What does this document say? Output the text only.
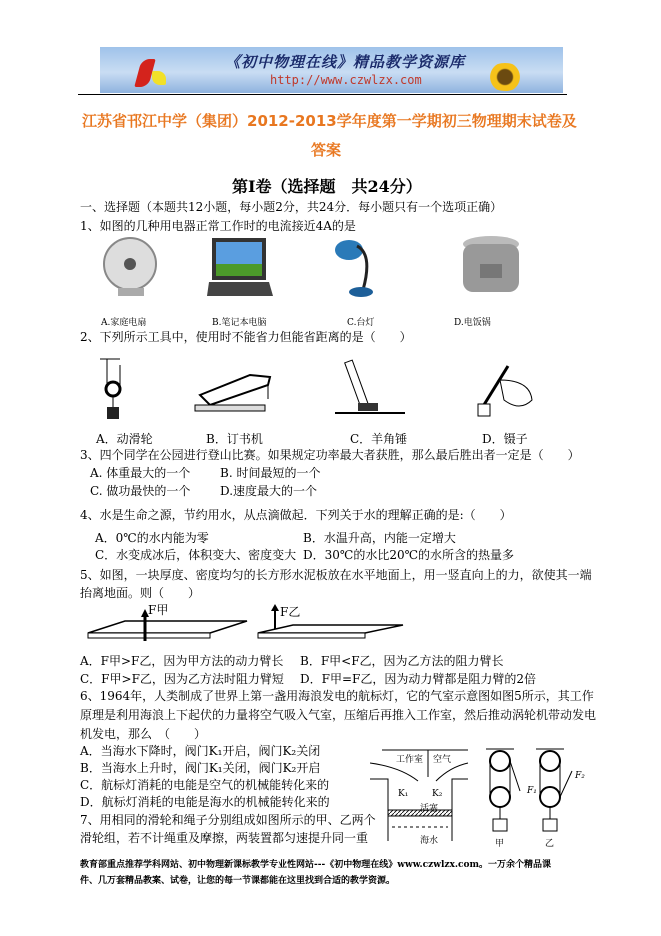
《初中物理在线》精品教学资源库
http://www.czwlzx.com
江苏省邗江中学（集团）2012-2013学年度第一学期初三物理期末试卷及
答案
第I卷（选择题　共24分）
一、选择题（本题共12小题，每小题2分，共24分．每小题只有一个选项正确）
1、如图的几种用电器正常工作时的电流接近4A的是
A.家庭电扇	B.笔记本电脑	C.台灯	D.电饭锅
2、下列所示工具中，使用时不能省力但能省距离的是（　　）
A．动滑轮	B．订书机	C．羊角锤	D．镊子
3、四个同学在公园进行登山比赛。如果规定功率最大者获胜，那么最后胜出者一定是（　　）
A. 体重最大的一个 B. 时间最短的一个
C. 做功最快的一个 D.速度最大的一个
4、水是生命之源，节约用水，从点滴做起．下列关于水的理解正确的是:（　　）
A．0℃的水内能为零	B．水温升高，内能一定增大
C．水变成冰后，体积变大、密度变大 D．30℃的水比20℃的水所含的热量多
5、如图，一块厚度、密度均匀的长方形水泥板放在水平地面上，用一竖直向上的力，欲使其一端
抬离地面。则（　　）
F甲	F乙
A．F甲>F乙，因为甲方法的动力臂长 B．F甲<F乙，因为乙方法的阻力臂长
C．F甲>F乙，因为乙方法时阻力臂短 D．F甲=F乙，因为动力臂都是阻力臂的2倍
6、1964年，人类制成了世界上第一盏用海浪发电的航标灯，它的气室示意图如图5所示，其工作
原理是利用海浪上下起伏的力量将空气吸入气室，压缩后再推入工作室，然后推动涡轮机带动发电
机发电，那么　（　　）
A．当海水下降时，阀门K₁开启，阀门K₂关闭
B．当海水上升时，阀门K₁关闭，阀门K₂开启
C．航标灯消耗的电能是空气的机械能转化来的
D．航标灯消耗的电能是海水的机械能转化来的
工作室 空气
K₁	K₂
活塞
海水
7、用相同的滑轮和绳子分别组成如图所示的甲、乙两个
滑轮组，若不计绳重及摩擦，两装置都匀速提升同一重
F₁
F₂
甲	乙
教育部重点推荐学科网站、初中物理新课标教学专业性网站---《初中物理在线》www.czwlzx.com。一万余个精品课
件、几万套精品教案、试卷，让您的每一节课都能在这里找到合适的教学资源。
